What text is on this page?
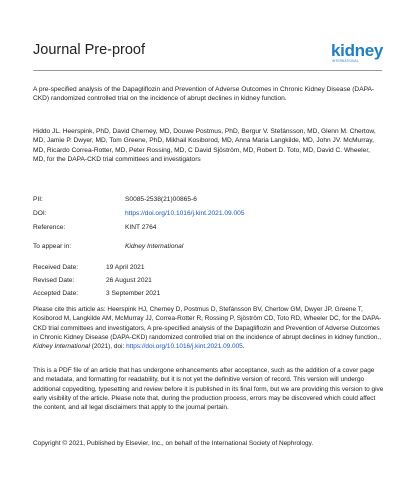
Journal Pre-proof	kidney
INTERNATIONAL
A pre-specified analysis of the Dapagliflozin and Prevention of Adverse Outcomes in Chronic Kidney Disease (DAPA-CKD) randomized controlled trial on the incidence of abrupt declines in kidney function.
Hiddo JL. Heerspink, PhD, David Cherney, MD, Douwe Postmus, PhD, Bergur V. Stefánsson, MD, Glenn M. Chertow, MD, Jamie P. Dwyer, MD, Tom Greene, PhD, Mikhail Kosiborod, MD, Anna Maria Langkilde, MD, John JV. McMurray, MD, Ricardo Correa-Rotter, MD, Peter Rossing, MD, C David Sjöström, MD, Robert D. Toto, MD, David C. Wheeler, MD, for the DAPA-CKD trial committees and investigators
PII:	S0085-2538(21)00865-6
DOI:	https://doi.org/10.1016/j.kint.2021.09.005
Reference:	KINT 2764
To appear in:	Kidney International
Received Date:	19 April 2021
Revised Date:	26 August 2021
Accepted Date:	3 September 2021
Please cite this article as: Heerspink HJ, Cherney D, Postmus D, Stefánsson BV, Chertow GM, Dwyer JP, Greene T, Kosiborod M, Langkilde AM, McMurray JJ, Correa-Rotter R, Rossing P, Sjöström CD, Toto RD, Wheeler DC, for the DAPA-CKD trial committees and investigators, A pre-specified analysis of the Dapagliflozin and Prevention of Adverse Outcomes in Chronic Kidney Disease (DAPA-CKD) randomized controlled trial on the incidence of abrupt declines in kidney function., Kidney International (2021), doi: https://doi.org/10.1016/j.kint.2021.09.005.
This is a PDF file of an article that has undergone enhancements after acceptance, such as the addition of a cover page and metadata, and formatting for readability, but it is not yet the definitive version of record. This version will undergo additional copyediting, typesetting and review before it is published in its final form, but we are providing this version to give early visibility of the article. Please note that, during the production process, errors may be discovered which could affect the content, and all legal disclaimers that apply to the journal pertain.
Copyright © 2021, Published by Elsevier, Inc., on behalf of the International Society of Nephrology.
